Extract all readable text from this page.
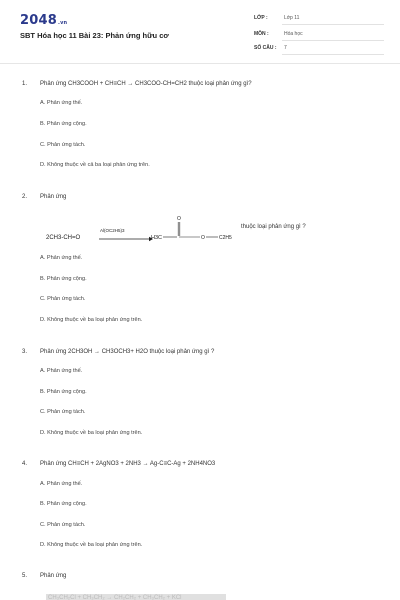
2048.vn
SBT Hóa học 11 Bài 23: Phản ứng hữu cơ
LỚP :	Lớp 11
MÔN :	Hóa học
SỐ CÂU : 7
1. Phản ứng CH3COOH + CH≡CH → CH3COO-CH=CH2 thuộc loại phản ứng gì?
A. Phản ứng thế.
B. Phản ứng cộng.
C. Phản ứng tách.
D. Không thuộc về cả ba loại phản ứng trên.
2. Phản ứng
2CH3-CH=O
Al(OC2H5)3
H3C
O
O	C2H5
thuộc loại phản ứng gì ?
A. Phản ứng thế.
B. Phản ứng cộng.
C. Phản ứng tách.
D. Không thuộc về ba loại phản ứng trên.
3. Phản ứng 2CH3OH → CH3OCH3+ H2O thuộc loại phản ứng gì ?
A. Phản ứng thế.
B. Phản ứng cộng.
C. Phản ứng tách.
D. Không thuộc về ba loại phản ứng trên.
4. Phản ứng CH≡CH + 2AgNO3 + 2NH3 → Ag-C≡C-Ag + 2NH4NO3
A. Phản ứng thế.
B. Phản ứng cộng.
C. Phản ứng tách.
D. Không thuộc về ba loại phản ứng trên.
5. Phản ứng
CH₃CH₂Cl + CH₃CH₂ → CH₂CH₂ + CH₃CH₂ + KCl
